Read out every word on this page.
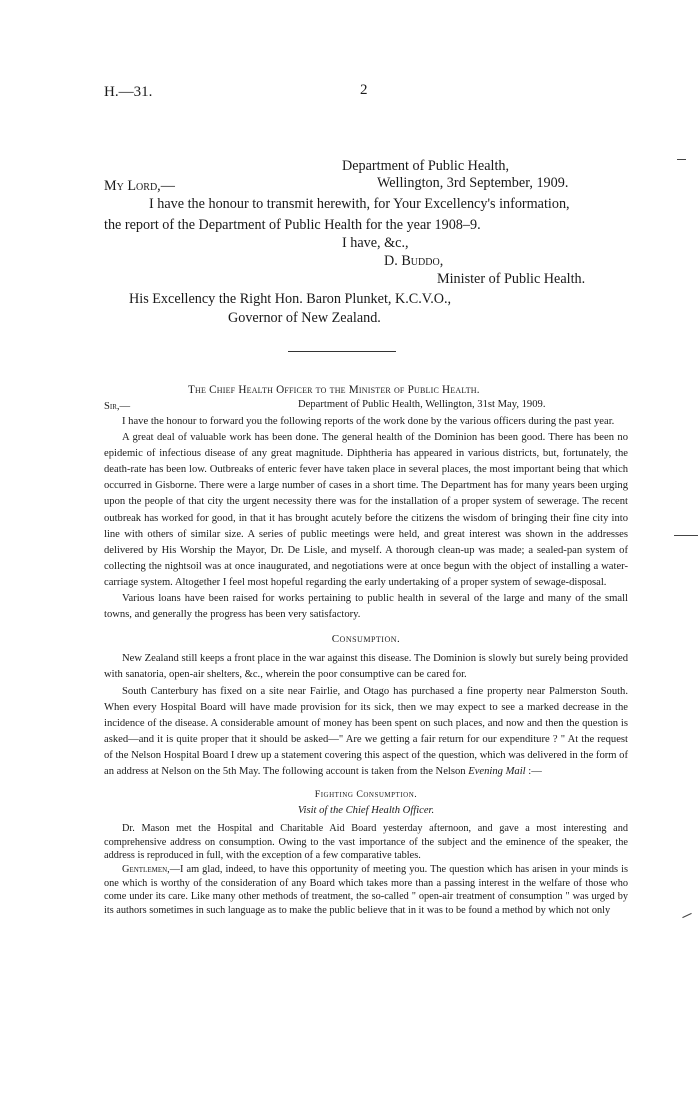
H.—31.	2
Department of Public Health,
My Lord,—	Wellington, 3rd September, 1909.
I have the honour to transmit herewith, for Your Excellency's information,
the report of the Department of Public Health for the year 1908–9.
I have, &c.,
D. Buddo,
Minister of Public Health.
His Excellency the Right Hon. Baron Plunket, K.C.V.O.,
Governor of New Zealand.
The Chief Health Officer to the Minister of Public Health.
Sir,—	Department of Public Health, Wellington, 31st May, 1909.

I have the honour to forward you the following reports of the work done by the various officers during the past year.

A great deal of valuable work has been done. The general health of the Dominion has been good. There has been no epidemic of infectious disease of any great magnitude. Diphtheria has appeared in various districts, but, fortunately, the death-rate has been low. Outbreaks of enteric fever have taken place in several places, the most important being that which occurred in Gisborne. There were a large number of cases in a short time. The Department has for many years been urging upon the people of that city the urgent necessity there was for the installation of a proper system of sewerage. The recent outbreak has worked for good, in that it has brought acutely before the citizens the wisdom of bringing their fine city into line with others of similar size. A series of public meetings were held, and great interest was shown in the addresses delivered by His Worship the Mayor, Dr. De Lisle, and myself. A thorough clean-up was made; a sealed-pan system of collecting the nightsoil was at once inaugurated, and negotiations were at once begun with the object of installing a water-carriage system. Altogether I feel most hopeful regarding the early undertaking of a proper system of sewage-disposal.

Various loans have been raised for works pertaining to public health in several of the large and many of the small towns, and generally the progress has been very satisfactory.

Consumption.

New Zealand still keeps a front place in the war against this disease. The Dominion is slowly but surely being provided with sanatoria, open-air shelters, &c., wherein the poor consumptive can be cared for.

South Canterbury has fixed on a site near Fairlie, and Otago has purchased a fine property near Palmerston South. When every Hospital Board will have made provision for its sick, then we may expect to see a marked decrease in the incidence of the disease. A considerable amount of money has been spent on such places, and now and then the question is asked—and it is quite proper that it should be asked—" Are we getting a fair return for our expenditure ? " At the request of the Nelson Hospital Board I drew up a statement covering this aspect of the question, which was delivered in the form of an address at Nelson on the 5th May. The following account is taken from the Nelson Evening Mail :—

Fighting Consumption.

Visit of the Chief Health Officer.

Dr. Mason met the Hospital and Charitable Aid Board yesterday afternoon, and gave a most interesting and comprehensive address on consumption. Owing to the vast importance of the subject and the eminence of the speaker, the address is reproduced in full, with the exception of a few comparative tables.

Gentlemen,—I am glad, indeed, to have this opportunity of meeting you. The question which has arisen in your minds is one which is worthy of the consideration of any Board which takes more than a passing interest in the welfare of those who come under its care. Like many other methods of treatment, the so-called " open-air treatment of consumption " was urged by its authors sometimes in such language as to make the public believe that in it was to be found a method by which not only
